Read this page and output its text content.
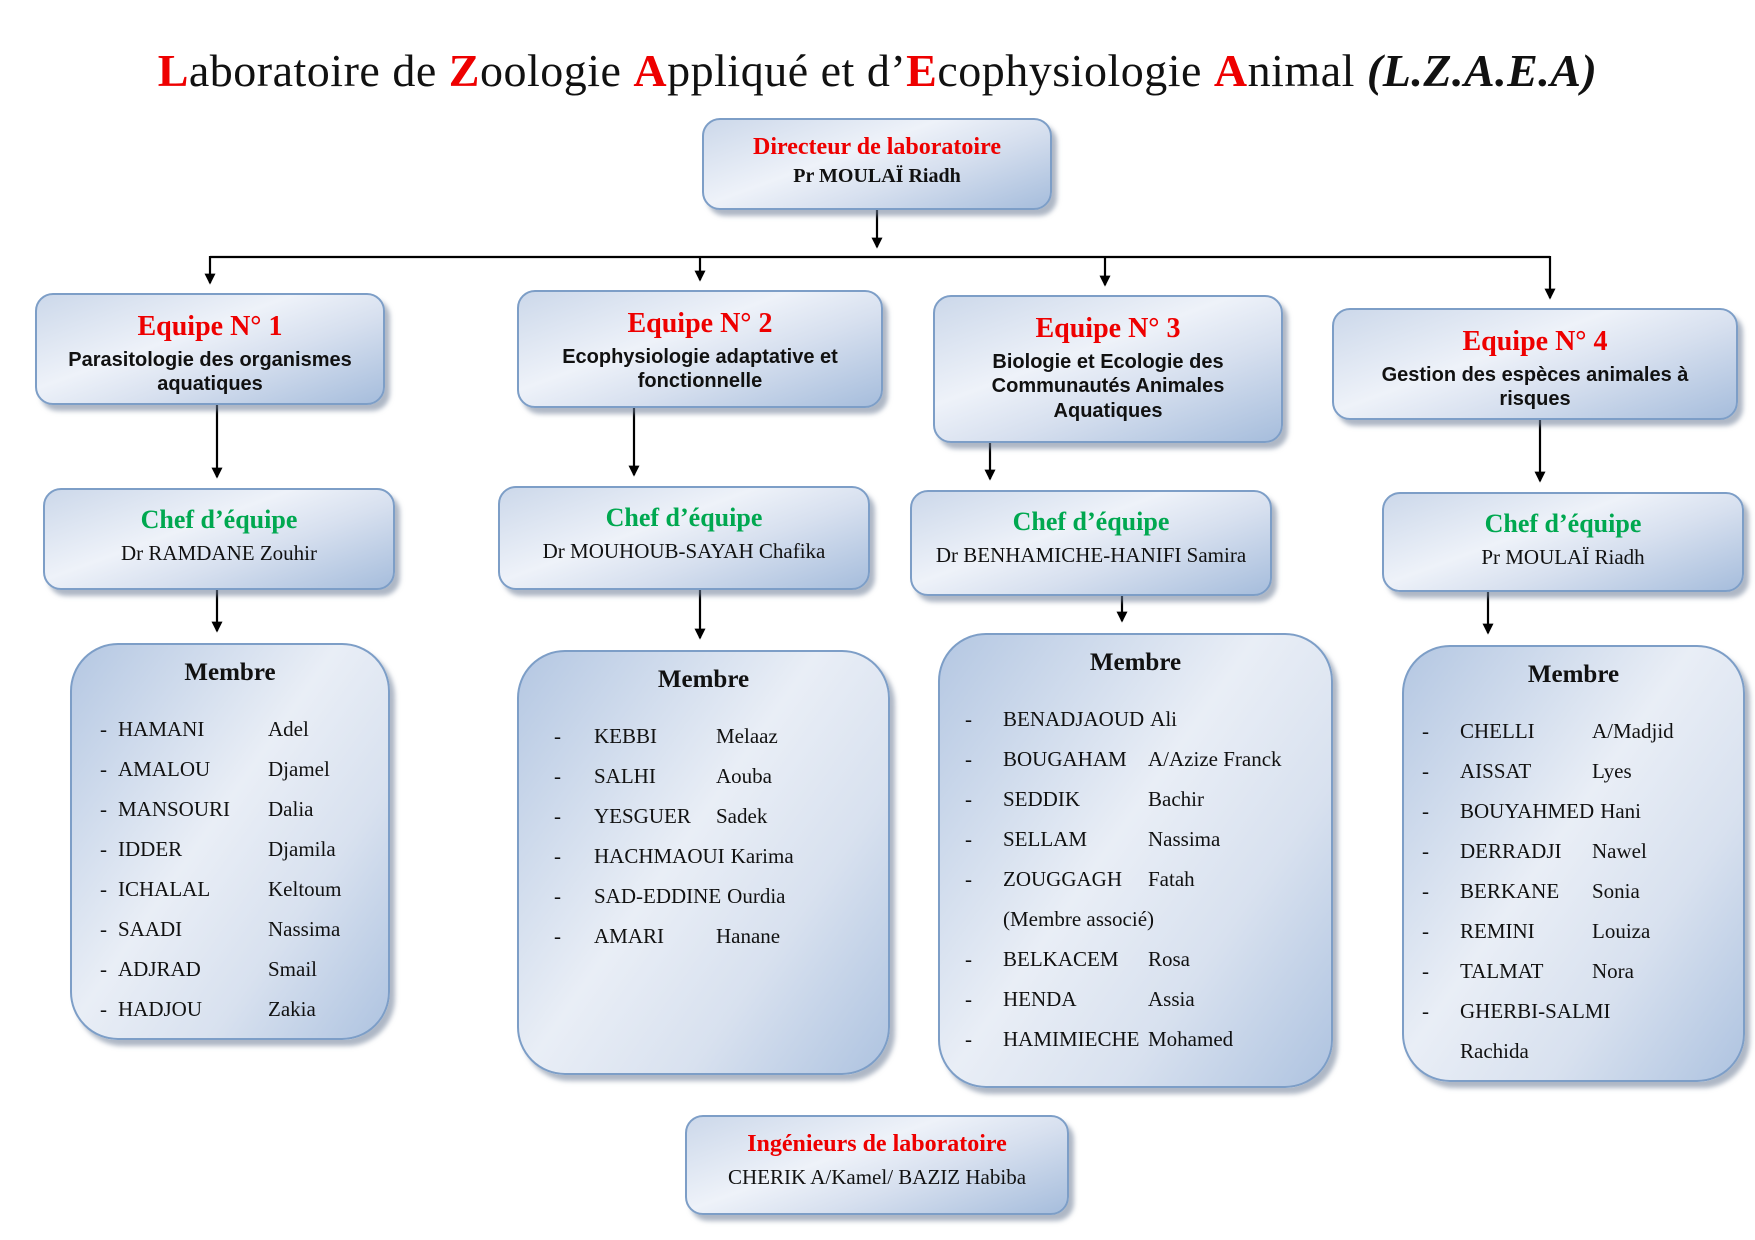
Laboratoire de Zoologie Appliqué et d’Ecophysiologie Animal (L.Z.A.E.A)
Directeur de laboratoire
Pr MOULAÏ Riadh
Equipe N° 1
Parasitologie des organismes aquatiques
Equipe N° 2
Ecophysiologie adaptative et fonctionnelle
Equipe N° 3
Biologie et Ecologie des Communautés Animales Aquatiques
Equipe N° 4
Gestion des espèces animales à risques
Chef d’équipe
Dr RAMDANE Zouhir
Chef d’équipe
Dr MOUHOUB-SAYAH Chafika
Chef d’équipe
Dr BENHAMICHE-HANIFI Samira
Chef d’équipe
Pr MOULAÏ Riadh
Membre
- HAMANI	Adel
- AMALOU	Djamel
- MANSOURI	Dalia
- IDDER	Djamila
- ICHALAL	Keltoum
- SAADI	Nassima
- ADJRAD	Smail
- HADJOU	Zakia
Membre
-	KEBBI	Melaaz
-	SALHI	Aouba
-	YESGUER	Sadek
-	HACHMAOUI Karima
-	SAD-EDDINE Ourdia
-	AMARI	Hanane
Membre
-	BENADJAOUD Ali
-	BOUGAHAM	A/Azize Franck
-	SEDDIK	Bachir
-	SELLAM	Nassima
-	ZOUGGAGH	Fatah
(Membre associé)
-	BELKACEM	Rosa
-	HENDA	Assia
-	HAMIMIECHE Mohamed
Membre
-	CHELLI	A/Madjid
-	AISSAT	Lyes
-	BOUYAHMED Hani
-	DERRADJI	Nawel
-	BERKANE	Sonia
-	REMINI	Louiza
-	TALMAT	Nora
-	GHERBI-SALMI
Rachida
Ingénieurs de laboratoire
CHERIK A/Kamel/ BAZIZ Habiba
